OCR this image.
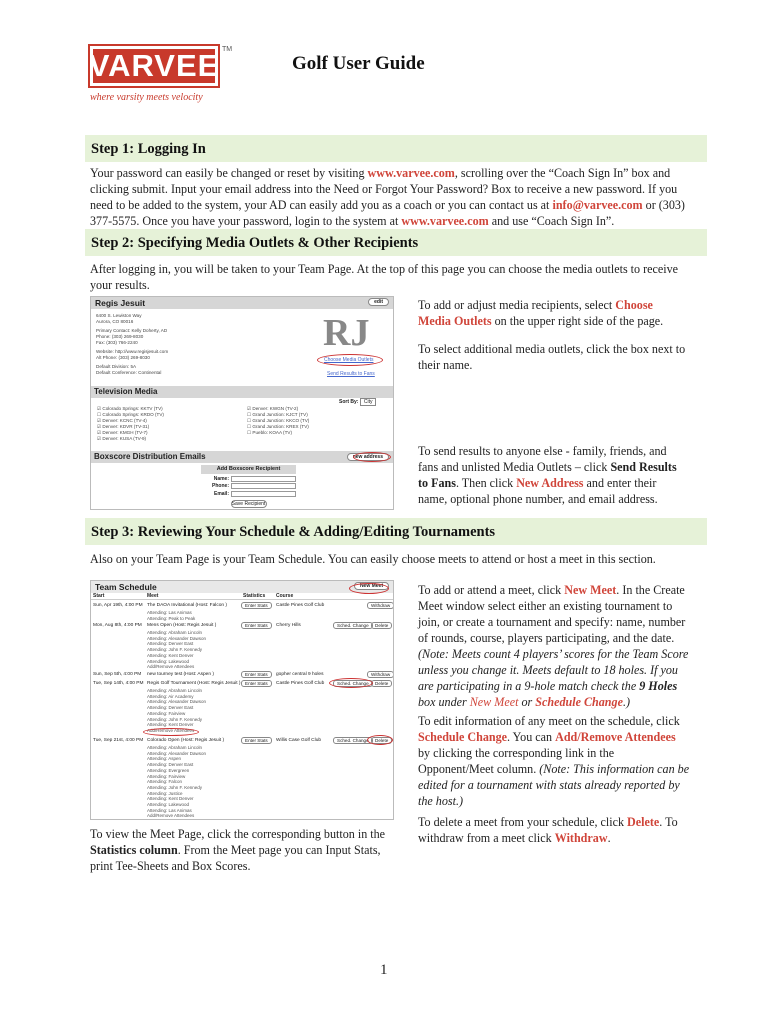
VARVEE TM
where varsity meets velocity
Golf User Guide
Step 1: Logging In
Your password can easily be changed or reset by visiting www.varvee.com, scrolling over the “Coach Sign In” box and clicking submit. Input your email address into the Need or Forgot Your Password? Box to receive a new password. If you need to be added to the system, your AD can easily add you as a coach or you can contact us at info@varvee.com or (303) 377-5575. Once you have your password, login to the system at www.varvee.com and use “Coach Sign In”.
Step 2: Specifying Media Outlets & Other Recipients
After logging in, you will be taken to your Team Page. At the top of this page you can choose the media outlets to receive your results.
Regis Jesuit	edit
6400 S. Lewiston Way
Aurora, CO 80016
Primary Contact: Kelly Doherty, AD
Phone: (303) 269-8030
Fax: (303) 766-2240
Website: http://www.regisjesuit.com
Alt Phone: (303) 269-8030
Default Division: 5A
Default Conference: Continental
RJ
Choose Media Outlets
Send Results to Fans
Television Media
Sort By: City
☑ Colorado Springs: KKTV (TV)
☐ Colorado Springs: KRDO (TV)
☑ Denver: KCNC (TV-4)
☑ Denver: KDVR (TV-31)
☑ Denver: KMGH (TV-7)
☑ Denver: KUSA (TV-9)
☑ Denver: KWGN (TV-2)
☐ Grand Junction: KJCT (TV)
☐ Grand Junction: KKCO (TV)
☐ Grand Junction: KREX (TV)
☐ Pueblo: KOAA (TV)
Boxscore Distribution Emails	new address
Add Boxscore Recipient
Name:
Phone:
Email:
Save Recipient
To add or adjust media recipients, select Choose Media Outlets on the upper right side of the page.
To select additional media outlets, click the box next to their name.
To send results to anyone else - family, friends, and fans and unlisted Media Outlets – click Send Results to Fans. Then click New Address and enter their name, optional phone number, and email address.
Step 3: Reviewing Your Schedule & Adding/Editing Tournaments
Also on your Team Page is your Team Schedule. You can easily choose meets to attend or host a meet in this section.
Team Schedule	New Meet
Start	Meet	Statistics Course
Sun, Apr 19th, 4:00 PM The DAOA Invitational (Host: Falcon )	Enter Stats	Castle Pines Golf Club	Withdraw
Attending: Las Animas
Attending: Peak to Peak
Mon, Aug 8th, 4:00 PM Mens Open (Host: Regis Jesuit )	Enter Stats	Cherry Hills	Sched. Change	Delete
Attending: Abraham Lincoln
Attending: Alexander Dawson
Attending: Denver East
Attending: John F. Kennedy
Attending: Kent Denver
Attending: Lakewood
Add/Remove Attendees
Sun, Sep 5th, 4:00 PM new tourney test (Host: Aspen )	Enter Stats	gopher central 9 holes	Withdraw
Tue, Sep 14th, 4:00 PM Regis Golf Tournament (Host: Regis Jesuit ) Enter Stats	Castle Pines Golf Club	Sched. Change	Delete
Attending: Abraham Lincoln
Attending: Air Academy
Attending: Alexander Dawson
Attending: Denver East
Attending: Fairview
Attending: John F. Kennedy
Attending: Kent Denver
Add/Remove Attendees
Tue, Sep 21st, 4:00 PM Colorado Open (Host: Regis Jesuit )	Enter Stats	Willis Case Golf Club	Sched. Change	Delete
Attending: Abraham Lincoln
Attending: Alexander Dawson
Attending: Aspen
Attending: Denver East
Attending: Evergreen
Attending: Fairview
Attending: Falcon
Attending: John F. Kennedy
Attending: Justice
Attending: Kent Denver
Attending: Lakewood
Attending: Las Animas
Add/Remove Attendees
To add or attend a meet, click New Meet. In the Create Meet window select either an existing tournament to join, or create a tournament and specify: name, number of rounds, course, players participating, and the date. (Note: Meets count 4 players’ scores for the Team Score unless you change it. Meets default to 18 holes. If you are participating in a 9-hole match check the 9 Holes box under New Meet or Schedule Change.)
To edit information of any meet on the schedule, click Schedule Change. You can Add/Remove Attendees by clicking the corresponding link in the Opponent/Meet column. (Note: This information can be edited for a tournament with stats already reported by the host.)
To delete a meet from your schedule, click Delete. To withdraw from a meet click Withdraw.
To view the Meet Page, click the corresponding button in the Statistics column. From the Meet page you can Input Stats, print Tee-Sheets and Box Scores.
1
